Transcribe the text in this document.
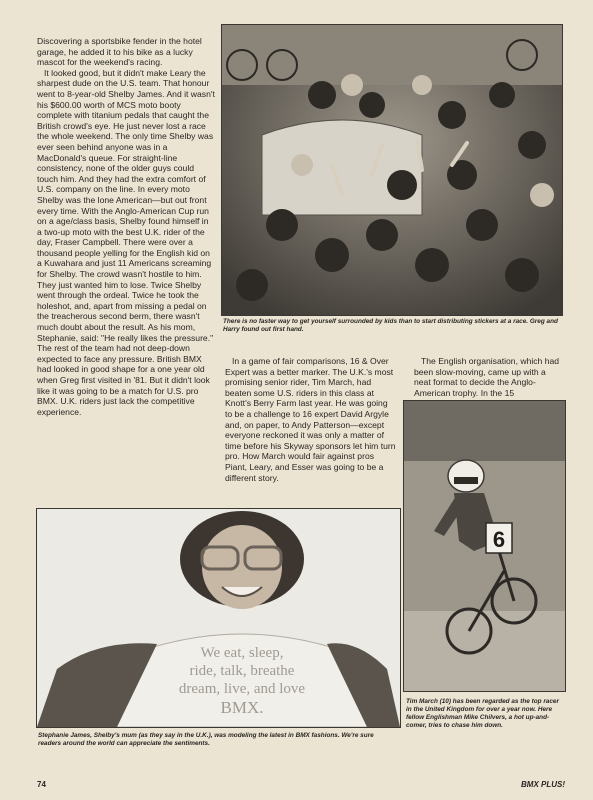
Discovering a sportsbike fender in the hotel garage, he added it to his bike as a lucky mascot for the weekend's racing.

It looked good, but it didn't make Leary the sharpest dude on the U.S. team. That honour went to 8-year-old Shelby James. And it wasn't his $600.00 worth of MCS moto booty complete with titanium pedals that caught the British crowd's eye. He just never lost a race the whole weekend. The only time Shelby was ever seen behind anyone was in a MacDonald's queue. For straight-line consistency, none of the older guys could touch him. And they had the extra comfort of U.S. company on the line. In every moto Shelby was the lone American—but out front every time. With the Anglo-American Cup run on a age/class basis, Shelby found himself in a two-up moto with the best U.K. rider of the day, Fraser Campbell. There were over a thousand people yelling for the English kid on a Kuwahara and just 11 Americans screaming for Shelby. The crowd wasn't hostile to him. They just wanted him to lose. Twice Shelby went through the ordeal. Twice he took the holeshot, and, apart from missing a pedal on the treacherous second berm, there wasn't much doubt about the result. As his mom, Stephanie, said: "He really likes the pressure." The rest of the team had not deep-down expected to face any pressure. British BMX had looked in good shape for a one year old when Greg first visited in '81. But it didn't look like it was going to be a match for U.S. pro BMX. U.K. riders just lack the competitive experience.

There is no faster way to get yourself surrounded by kids than to start distributing stickers at a race. Greg and Harry found out first hand.

In a game of fair comparisons, 16 & Over Expert was a better marker. The U.K.'s most promising senior rider, Tim March, had beaten some U.S. riders in this class at Knott's Berry Farm last year. He was going to be a challenge to 16 expert David Argyle and, on paper, to Andy Patterson—except everyone reckoned it was only a matter of time before his Skyway sponsors let him turn pro. How March would fair against pros Piant, Leary, and Esser was going to be a different story.

The English organisation, which had been slow-moving, came up with a neat format to decide the Anglo-American trophy. In the 15

We eat, sleep,
ride, talk, breathe
dream, live, and love
BMX.

Stephanie James, Shelby's mum (as they say in the U.K.), was modeling the latest in BMX fashions. We're sure readers around the world can appreciate the sentiments.

6

Tim March (10) has been regarded as the top racer in the United Kingdom for over a year now. Here fellow Englishman Mike Chilvers, a hot up-and-comer, tries to chase him down.

74	BMX PLUS!
